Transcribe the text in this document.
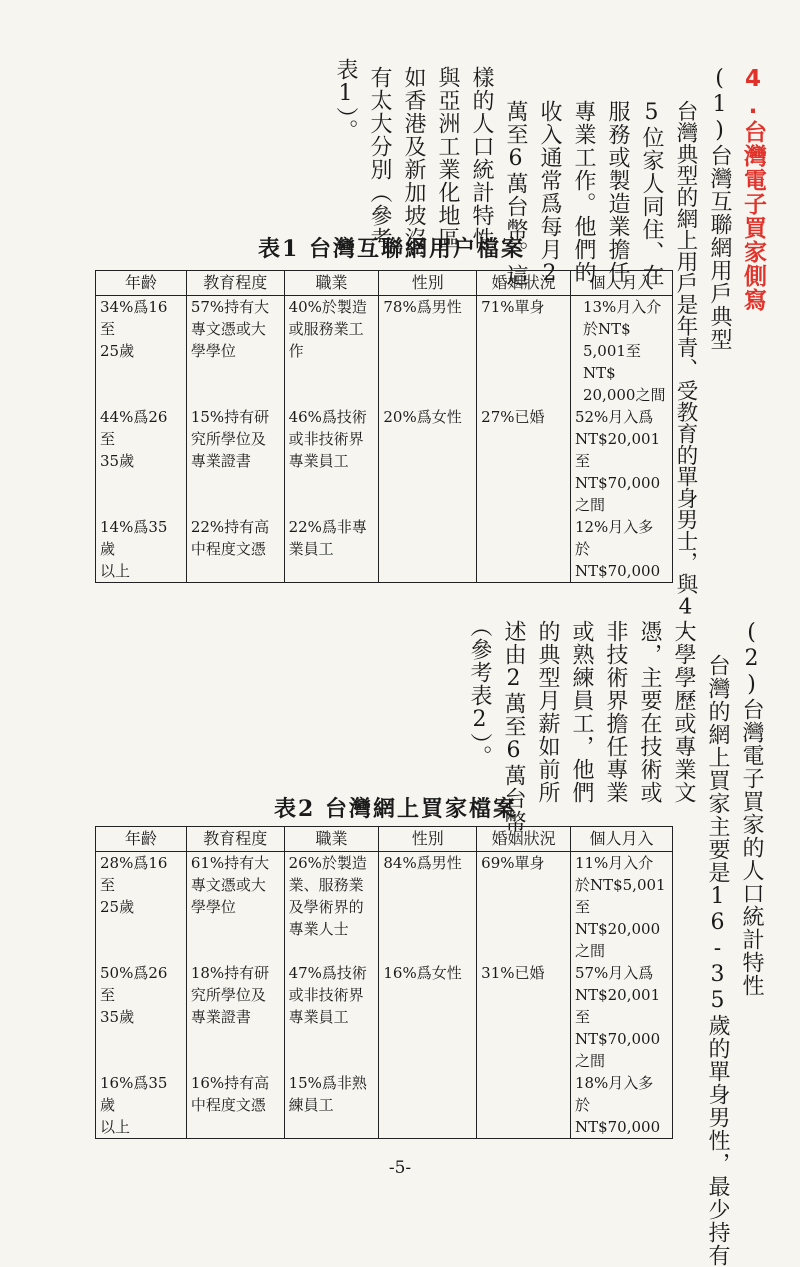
4.台灣電子買家側寫
(1)台灣互聯網用戶典型
台灣典型的網上用戶是年青、受教育的單身男士，與4-
5位家人同住、在
服務或製造業擔任
專業工作。他們的
收入通常爲每月2
萬至6萬台幣。這
樣的人口統計特性
與亞洲工業化地區
如香港及新加坡沒
有太大分別（參考
表1）。
表1 台灣互聯網用户檔案
年齡	教育程度	職業	性別	婚姻狀況	個人月入
34%爲16至
25歲	57%持有大
專文憑或大
學學位	40%於製造
或服務業工
作	78%爲男性	71%單身	13%月入介
於NT$
5,001至NT$
20,000之間
44%爲26至
35歲	15%持有研
究所學位及
專業證書	46%爲技術
或非技術界
專業員工	20%爲女性	27%已婚	52%月入爲
NT$20,001
至
NT$70,000
之間
14%爲35歲
以上	22%持有高
中程度文憑	22%爲非專
業員工			12%月入多
於
NT$70,000
(2)台灣電子買家的人口統計特性
台灣的網上買家主要是16-35歲的單身男性，最少持有
大學學歷或專業文
憑，主要在技術或
非技術界擔任專業
或熟練員工，他們
的典型月薪如前所
述由2萬至6萬台幣
（參考表2）。
表2 台灣網上買家檔案
年齡	教育程度	職業	性別	婚姻狀況	個人月入
28%爲16至
25歲	61%持有大
專文憑或大
學學位	26%於製造
業、服務業
及學術界的
專業人士	84%爲男性	69%單身	11%月入介
於NT$5,001
至
NT$20,000
之間
50%爲26至
35歲	18%持有研
究所學位及
專業證書	47%爲技術
或非技術界
專業員工	16%爲女性	31%已婚	57%月入爲
NT$20,001
至
NT$70,000
之間
16%爲35歲
以上	16%持有高
中程度文憑	15%爲非熟
練員工			18%月入多
於
NT$70,000
-5-
